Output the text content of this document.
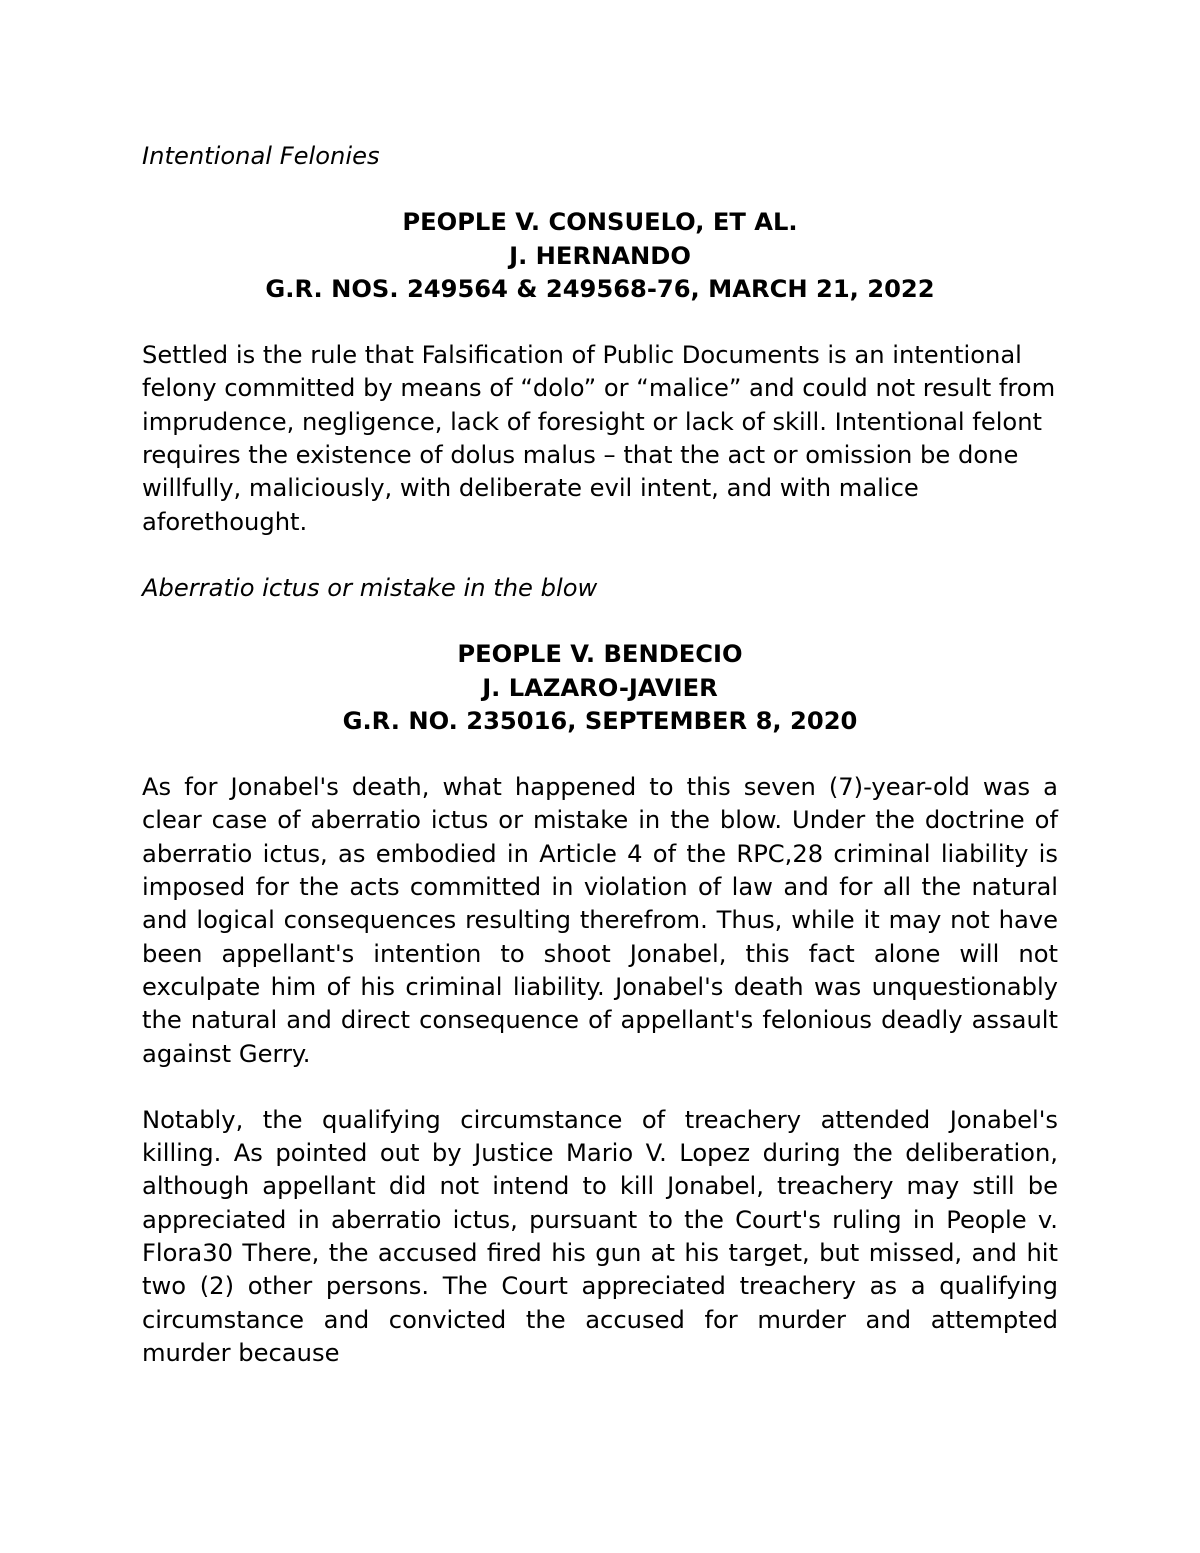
Intentional Felonies
PEOPLE V. CONSUELO, ET AL.
J. HERNANDO
G.R. NOS. 249564 & 249568-76, MARCH 21, 2022
Settled is the rule that Falsification of Public Documents is an intentional felony committed by means of “dolo” or “malice” and could not result from imprudence, negligence, lack of foresight or lack of skill. Intentional felont requires the existence of dolus malus – that the act or omission be done willfully, maliciously, with deliberate evil intent, and with malice aforethought.
Aberratio ictus or mistake in the blow
PEOPLE V. BENDECIO
J. LAZARO-JAVIER
G.R. NO. 235016, SEPTEMBER 8, 2020
As for Jonabel's death, what happened to this seven (7)-year-old was a clear case of aberratio ictus or mistake in the blow. Under the doctrine of aberratio ictus, as embodied in Article 4 of the RPC,28 criminal liability is imposed for the acts committed in violation of law and for all the natural and logical consequences resulting therefrom. Thus, while it may not have been appellant's intention to shoot Jonabel, this fact alone will not exculpate him of his criminal liability. Jonabel's death was unquestionably the natural and direct consequence of appellant's felonious deadly assault against Gerry.
Notably, the qualifying circumstance of treachery attended Jonabel's killing. As pointed out by Justice Mario V. Lopez during the deliberation, although appellant did not intend to kill Jonabel, treachery may still be appreciated in aberratio ictus, pursuant to the Court's ruling in People v. Flora30 There, the accused fired his gun at his target, but missed, and hit two (2) other persons. The Court appreciated treachery as a qualifying circumstance and convicted the accused for murder and attempted murder because
